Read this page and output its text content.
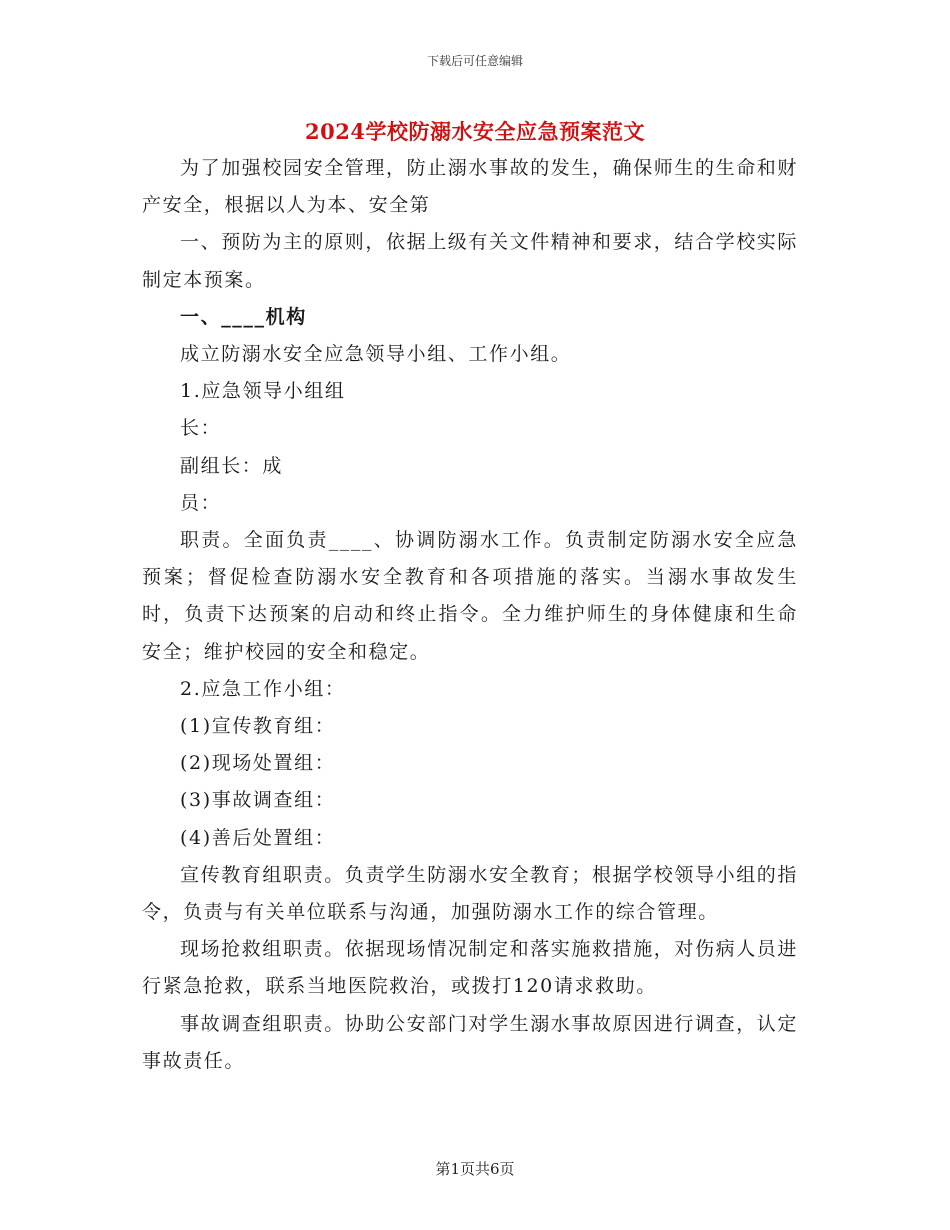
下载后可任意编辑
2024学校防溺水安全应急预案范文

为了加强校园安全管理，防止溺水事故的发生，确保师生的生命和财产安全，根据以人为本、安全第

一、预防为主的原则，依据上级有关文件精神和要求，结合学校实际制定本预案。

一、____机构

成立防溺水安全应急领导小组、工作小组。

1.应急领导小组组

长：

副组长：成

员：

职责。全面负责____、协调防溺水工作。负责制定防溺水安全应急预案；督促检查防溺水安全教育和各项措施的落实。当溺水事故发生时，负责下达预案的启动和终止指令。全力维护师生的身体健康和生命安全；维护校园的安全和稳定。

2.应急工作小组：

(1)宣传教育组：

(2)现场处置组：

(3)事故调查组：

(4)善后处置组：

宣传教育组职责。负责学生防溺水安全教育；根据学校领导小组的指令，负责与有关单位联系与沟通，加强防溺水工作的综合管理。

现场抢救组职责。依据现场情况制定和落实施救措施，对伤病人员进行紧急抢救，联系当地医院救治，或拨打120请求救助。

事故调查组职责。协助公安部门对学生溺水事故原因进行调查，认定事故责任。

第1页共6页
